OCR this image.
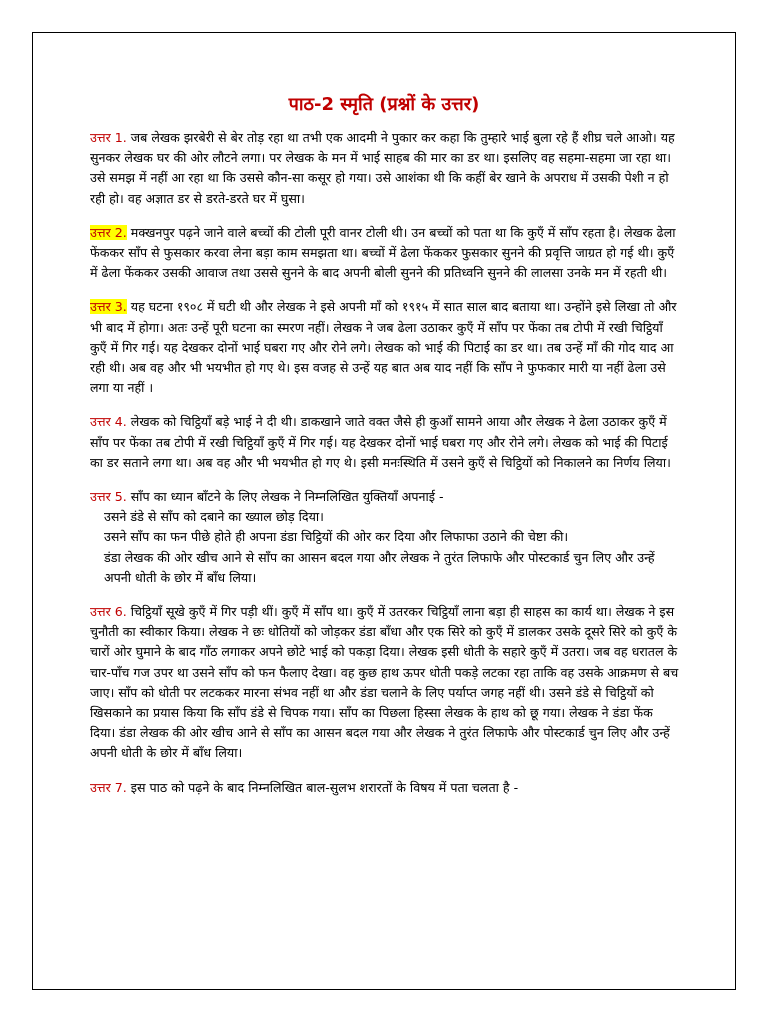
पाठ-2 स्मृति (प्रश्नों के उत्तर)

उत्तर 1. जब लेखक झरबेरी से बेर तोड़ रहा था तभी एक आदमी ने पुकार कर कहा कि तुम्हारे भाई बुला रहे हैं शीघ्र चले आओ। यह सुनकर लेखक घर की ओर लौटने लगा। पर लेखक के मन में भाई साहब की मार का डर था। इसलिए वह सहमा-सहमा जा रहा था। उसे समझ में नहीं आ रहा था कि उससे कौन-सा कसूर हो गया। उसे आशंका थी कि कहीं बेर खाने के अपराध में उसकी पेशी न हो रही हो। वह अज्ञात डर से डरते-डरते घर में घुसा।

उत्तर 2. मक्खनपुर पढ़ने जाने वाले बच्चों की टोली पूरी वानर टोली थी। उन बच्चों को पता था कि कुएँ में साँप रहता है। लेखक ढेला फेंककर साँप से फुसकार करवा लेना बड़ा काम समझता था। बच्चों में ढेला फेंककर फुसकार सुनने की प्रवृत्ति जाग्रत हो गई थी। कुएँ में ढेला फेंककर उसकी आवाज तथा उससे सुनने के बाद अपनी बोली सुनने की प्रतिध्वनि सुनने की लालसा उनके मन में रहती थी।

उत्तर 3. यह घटना १९०८ में घटी थी और लेखक ने इसे अपनी माँ को १९१५ में सात साल बाद बताया था। उन्होंने इसे लिखा तो और भी बाद में होगा। अतः उन्हें पूरी घटना का स्मरण नहीं। लेखक ने जब ढेला उठाकर कुएँ में साँप पर फेंका तब टोपी में रखी चिट्ठियाँ कुएँ में गिर गई। यह देखकर दोनों भाई घबरा गए और रोने लगे। लेखक को भाई की पिटाई का डर था। तब उन्हें माँ की गोद याद आ रही थी। अब वह और भी भयभीत हो गए थे। इस वजह से उन्हें यह बात अब याद नहीं कि साँप ने फुफकार मारी या नहीं ढेला उसे लगा या नहीं ।

उत्तर 4. लेखक को चिट्ठियाँ बड़े भाई ने दी थी। डाकखाने जाते वक्त जैसे ही कुआँ सामने आया और लेखक ने ढेला उठाकर कुएँ में साँप पर फेंका तब टोपी में रखी चिट्ठियाँ कुएँ में गिर गई। यह देखकर दोनों भाई घबरा गए और रोने लगे। लेखक को भाई की पिटाई का डर सताने लगा था। अब वह और भी भयभीत हो गए थे। इसी मनःस्थिति में उसने कुएँ से चिट्ठियों को निकालने का निर्णय लिया।

उत्तर 5. साँप का ध्यान बाँटने के लिए लेखक ने निम्नलिखित युक्तियाँ अपनाई -
उसने डंडे से साँप को दबाने का ख्याल छोड़ दिया।
उसने साँप का फन पीछे होते ही अपना डंडा चिट्ठियों की ओर कर दिया और लिफाफा उठाने की चेष्टा की।
डंडा लेखक की ओर खीच आने से साँप का आसन बदल गया और लेखक ने तुरंत लिफाफे और पोस्टकार्ड चुन लिए और उन्हें अपनी धोती के छोर में बाँध लिया।

उत्तर 6. चिट्ठियाँ सूखे कुएँ में गिर पड़ी थीं। कुएँ में साँप था। कुएँ में उतरकर चिट्ठियाँ लाना बड़ा ही साहस का कार्य था। लेखक ने इस चुनौती का स्वीकार किया। लेखक ने छः धोतियों को जोड़कर डंडा बाँधा और एक सिरे को कुएँ में डालकर उसके दूसरे सिरे को कुएँ के चारों ओर घुमाने के बाद गाँठ लगाकर अपने छोटे भाई को पकड़ा दिया। लेखक इसी धोती के सहारे कुएँ में उतरा। जब वह धरातल के चार-पाँच गज उपर था उसने साँप को फन फैलाए देखा। वह कुछ हाथ ऊपर धोती पकड़े लटका रहा ताकि वह उसके आक्रमण से बच जाए। साँप को धोती पर लटककर मारना संभव नहीं था और डंडा चलाने के लिए पर्याप्त जगह नहीं थी। उसने डंडे से चिट्ठियों को खिसकाने का प्रयास किया कि साँप डंडे से चिपक गया। साँप का पिछला हिस्सा लेखक के हाथ को छू गया। लेखक ने डंडा फेंक दिया। डंडा लेखक की ओर खीच आने से साँप का आसन बदल गया और लेखक ने तुरंत लिफाफे और पोस्टकार्ड चुन लिए और उन्हें अपनी धोती के छोर में बाँध लिया।

उत्तर 7. इस पाठ को पढ़ने के बाद निम्नलिखित बाल-सुलभ शरारतों के विषय में पता चलता है -
